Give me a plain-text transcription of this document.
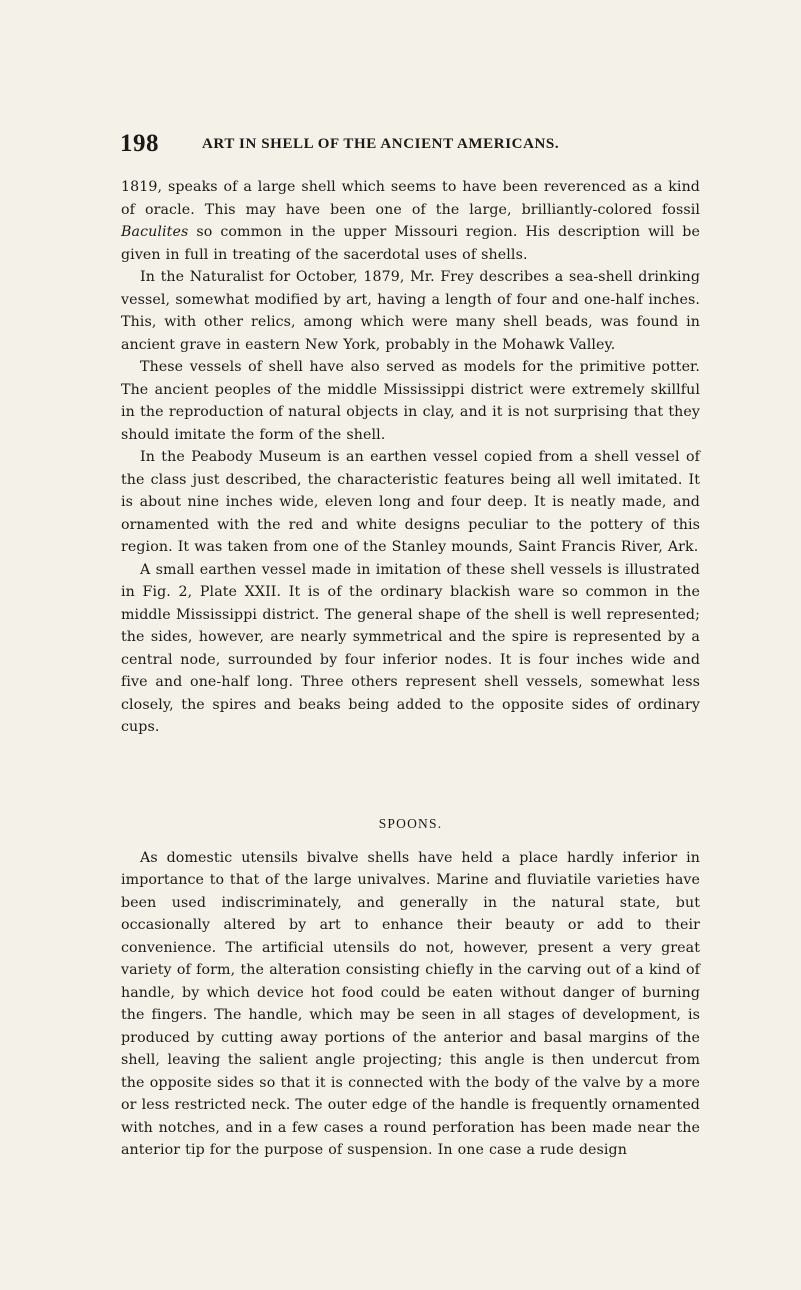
198	ART IN SHELL OF THE ANCIENT AMERICANS.

1819, speaks of a large shell which seems to have been reverenced as a kind of oracle. This may have been one of the large, brilliantly-colored fossil Baculites so common in the upper Missouri region. His description will be given in full in treating of the sacerdotal uses of shells.

In the Naturalist for October, 1879, Mr. Frey describes a sea-shell drinking vessel, somewhat modified by art, having a length of four and one-half inches. This, with other relics, among which were many shell beads, was found in ancient grave in eastern New York, probably in the Mohawk Valley.

These vessels of shell have also served as models for the primitive potter. The ancient peoples of the middle Mississippi district were extremely skillful in the reproduction of natural objects in clay, and it is not surprising that they should imitate the form of the shell.

In the Peabody Museum is an earthen vessel copied from a shell vessel of the class just described, the characteristic features being all well imitated. It is about nine inches wide, eleven long and four deep. It is neatly made, and ornamented with the red and white designs peculiar to the pottery of this region. It was taken from one of the Stanley mounds, Saint Francis River, Ark.

A small earthen vessel made in imitation of these shell vessels is illustrated in Fig. 2, Plate XXII. It is of the ordinary blackish ware so common in the middle Mississippi district. The general shape of the shell is well represented; the sides, however, are nearly symmetrical and the spire is represented by a central node, surrounded by four inferior nodes. It is four inches wide and five and one-half long. Three others represent shell vessels, somewhat less closely, the spires and beaks being added to the opposite sides of ordinary cups.

SPOONS.

As domestic utensils bivalve shells have held a place hardly inferior in importance to that of the large univalves. Marine and fluviatile varieties have been used indiscriminately, and generally in the natural state, but occasionally altered by art to enhance their beauty or add to their convenience. The artificial utensils do not, however, present a very great variety of form, the alteration consisting chiefly in the carving out of a kind of handle, by which device hot food could be eaten without danger of burning the fingers. The handle, which may be seen in all stages of development, is produced by cutting away portions of the anterior and basal margins of the shell, leaving the salient angle projecting; this angle is then undercut from the opposite sides so that it is connected with the body of the valve by a more or less restricted neck. The outer edge of the handle is frequently ornamented with notches, and in a few cases a round perforation has been made near the anterior tip for the purpose of suspension. In one case a rude design
